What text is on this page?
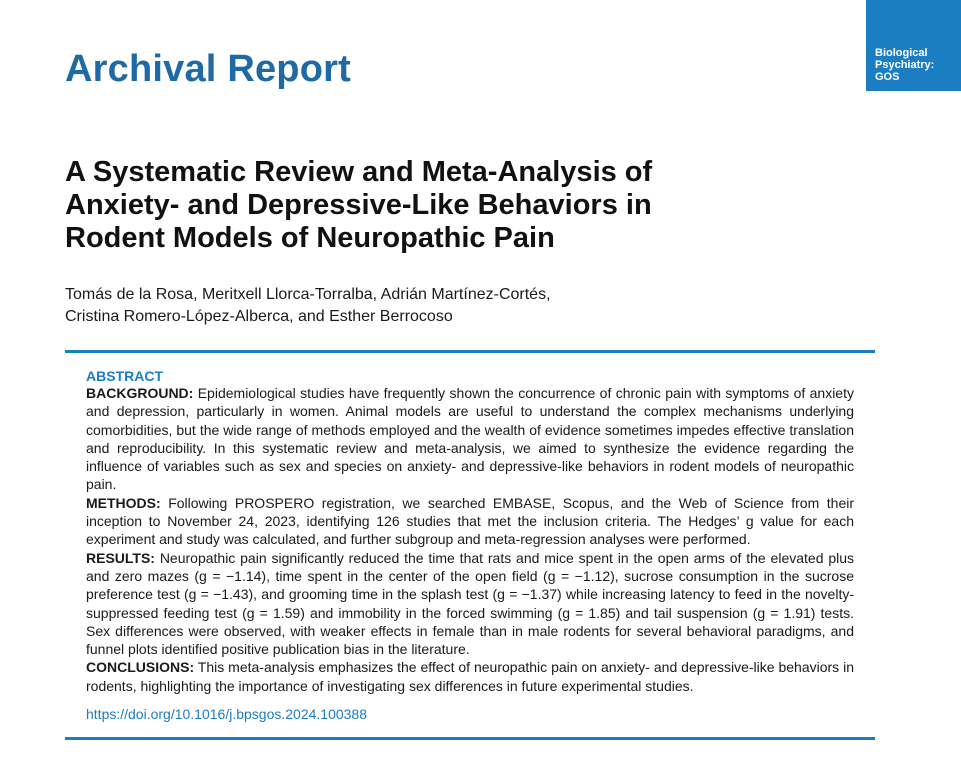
Biological
Psychiatry:
GOS
Archival Report
A Systematic Review and Meta-Analysis of
Anxiety- and Depressive-Like Behaviors in
Rodent Models of Neuropathic Pain
Tomás de la Rosa, Meritxell Llorca-Torralba, Adrián Martínez-Cortés,
Cristina Romero-López-Alberca, and Esther Berrocoso
ABSTRACT

BACKGROUND: Epidemiological studies have frequently shown the concurrence of chronic pain with symptoms of anxiety and depression, particularly in women. Animal models are useful to understand the complex mechanisms underlying comorbidities, but the wide range of methods employed and the wealth of evidence sometimes impedes effective translation and reproducibility. In this systematic review and meta-analysis, we aimed to synthesize the evidence regarding the influence of variables such as sex and species on anxiety- and depressive-like behaviors in rodent models of neuropathic pain.

METHODS: Following PROSPERO registration, we searched EMBASE, Scopus, and the Web of Science from their inception to November 24, 2023, identifying 126 studies that met the inclusion criteria. The Hedges’ g value for each experiment and study was calculated, and further subgroup and meta-regression analyses were performed.

RESULTS: Neuropathic pain significantly reduced the time that rats and mice spent in the open arms of the elevated plus and zero mazes (g = −1.14), time spent in the center of the open field (g = −1.12), sucrose consumption in the sucrose preference test (g = −1.43), and grooming time in the splash test (g = −1.37) while increasing latency to feed in the novelty-suppressed feeding test (g = 1.59) and immobility in the forced swimming (g = 1.85) and tail suspension (g = 1.91) tests. Sex differences were observed, with weaker effects in female than in male rodents for several behavioral paradigms, and funnel plots identified positive publication bias in the literature.

CONCLUSIONS: This meta-analysis emphasizes the effect of neuropathic pain on anxiety- and depressive-like behaviors in rodents, highlighting the importance of investigating sex differences in future experimental studies.

https://doi.org/10.1016/j.bpsgos.2024.100388
